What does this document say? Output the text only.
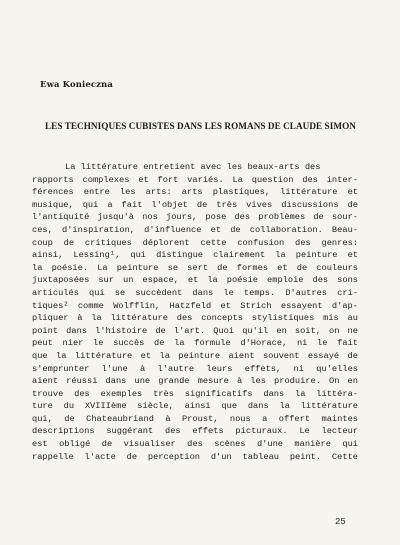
Ewa Konieczna
LES TECHNIQUES CUBISTES DANS LES ROMANS DE CLAUDE SIMON
La littérature entretient avec les beaux-arts des
rapports complexes et fort variés. La question des inter-
férences entre les arts: arts plastiques, littérature et
musique, qui a fait l'objet de très vives discussions de
l'antiquité jusqu'à nos jours, pose des problèmes de sour-
ces, d'inspiration, d'influence et de collaboration. Beau-
coup de critiques déplorent cette confusion des genres:
ainsi, Lessing¹, qui distingue clairement la peinture et
la poésie. La peinture se sert de formes et de couleurs
juxtaposées sur un espace, et la poésie emploie des sons
articulés qui se succèdent dans le temps. D'autres cri-
tiques² comme Wolfflin, Hatzfeld et Strich essayent d'ap-
pliquer à la littérature des concepts stylistiques mis au
point dans l'histoire de l'art. Quoi qu'il en soit, on ne
peut nier le succès de la formule d'Horace, ni le fait
que la littérature et la peinture aient souvent essayé de
s'emprunter l'une à l'autre leurs effets, ni qu'elles
aient réussi dans une grande mesure à les produire. On en
trouve des exemples très significatifs dans la littéra-
ture du XVIIIème siècle, ainsi que dans la littérature
qui, de Chateaubriand à Proust, nous a offert maintes
descriptions suggérant des effets picturaux. Le lecteur
est obligé de visualiser des scènes d'une manière qui
rappelle l'acte de perception d'un tableau peint. Cette
25
